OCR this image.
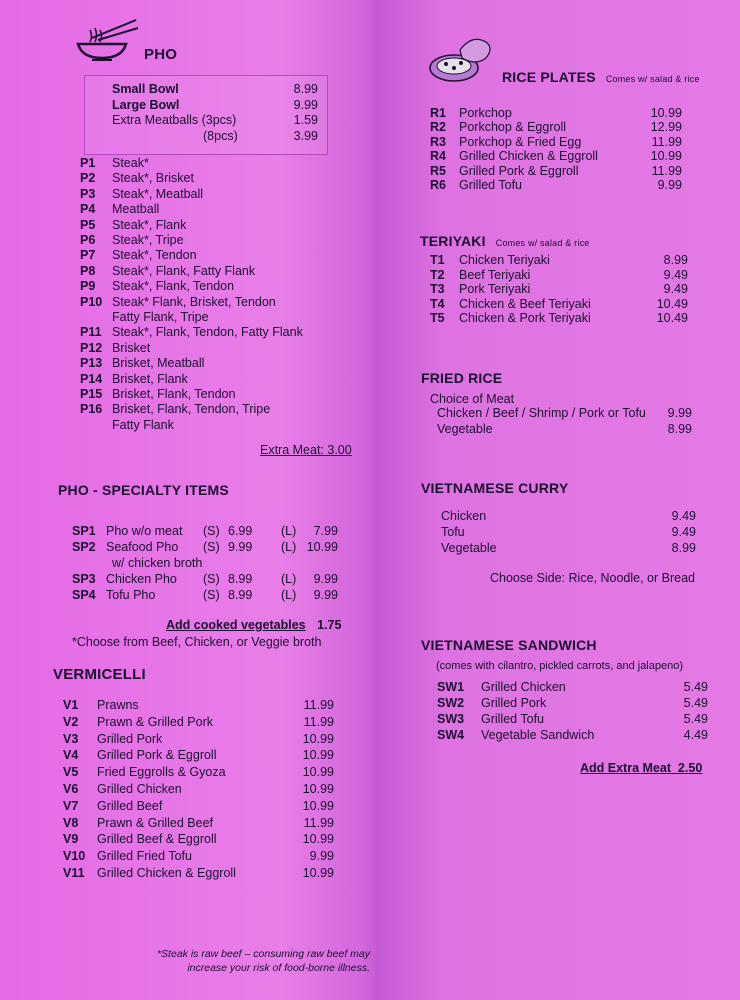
PHO
Small Bowl	8.99
Large Bowl	9.99
Extra Meatballs (3pcs)	1.59
(8pcs)	3.99
P1 Steak*
P2 Steak*, Brisket
P3 Steak*, Meatball
P4 Meatball
P5 Steak*, Flank
P6 Steak*, Tripe
P7 Steak*, Tendon
P8 Steak*, Flank, Fatty Flank
P9 Steak*, Flank, Tendon
P10 Steak* Flank, Brisket, Tendon
Fatty Flank, Tripe
P11 Steak*, Flank, Tendon, Fatty Flank
P12 Brisket
P13 Brisket, Meatball
P14 Brisket, Flank
P15 Brisket, Flank, Tendon
P16 Brisket, Flank, Tendon, Tripe
Fatty Flank
Extra Meat: 3.00
PHO - SPECIALTY ITEMS
SP1 Pho w/o meat (S) 6.99 (L)	7.99
SP2 Seafood Pho (S) 9.99 (L) 10.99
w/ chicken broth
SP3 Chicken Pho (S) 8.99 (L)	9.99
SP4 Tofu Pho	(S) 8.99 (L)	9.99
Add cooked vegetables 1.75
*Choose from Beef, Chicken, or Veggie broth
VERMICELLI
V1 Prawns	11.99
V2 Prawn & Grilled Pork	11.99
V3 Grilled Pork	10.99
V4 Grilled Pork & Eggroll	10.99
V5 Fried Eggrolls & Gyoza	10.99
V6 Grilled Chicken	10.99
V7 Grilled Beef	10.99
V8 Prawn & Grilled Beef	11.99
V9 Grilled Beef & Eggroll	10.99
V10 Grilled Fried Tofu	9.99
V11 Grilled Chicken & Eggroll	10.99
*Steak is raw beef – consuming raw beef may
increase your risk of food-borne illness.
RICE PLATES Comes w/ salad & rice
R1 Porkchop	10.99
R2 Porkchop & Eggroll	12.99
R3 Porkchop & Fried Egg	11.99
R4 Grilled Chicken & Eggroll	10.99
R5 Grilled Pork & Eggroll	11.99
R6 Grilled Tofu	9.99
TERIYAKI Comes w/ salad & rice
T1 Chicken Teriyaki	8.99
T2 Beef Teriyaki	9.49
T3 Pork Teriyaki	9.49
T4 Chicken & Beef Teriyaki	10.49
T5 Chicken & Pork Teriyaki	10.49
FRIED RICE
Choice of Meat
Chicken / Beef / Shrimp / Pork or Tofu	9.99
Vegetable	8.99
VIETNAMESE CURRY
Chicken	9.49
Tofu	9.49
Vegetable	8.99
Choose Side: Rice, Noodle, or Bread
VIETNAMESE SANDWICH
(comes with cilantro, pickled carrots, and jalapeno)
SW1 Grilled Chicken	5.49
SW2 Grilled Pork	5.49
SW3 Grilled Tofu	5.49
SW4 Vegetable Sandwich	4.49
Add Extra Meat  2.50
